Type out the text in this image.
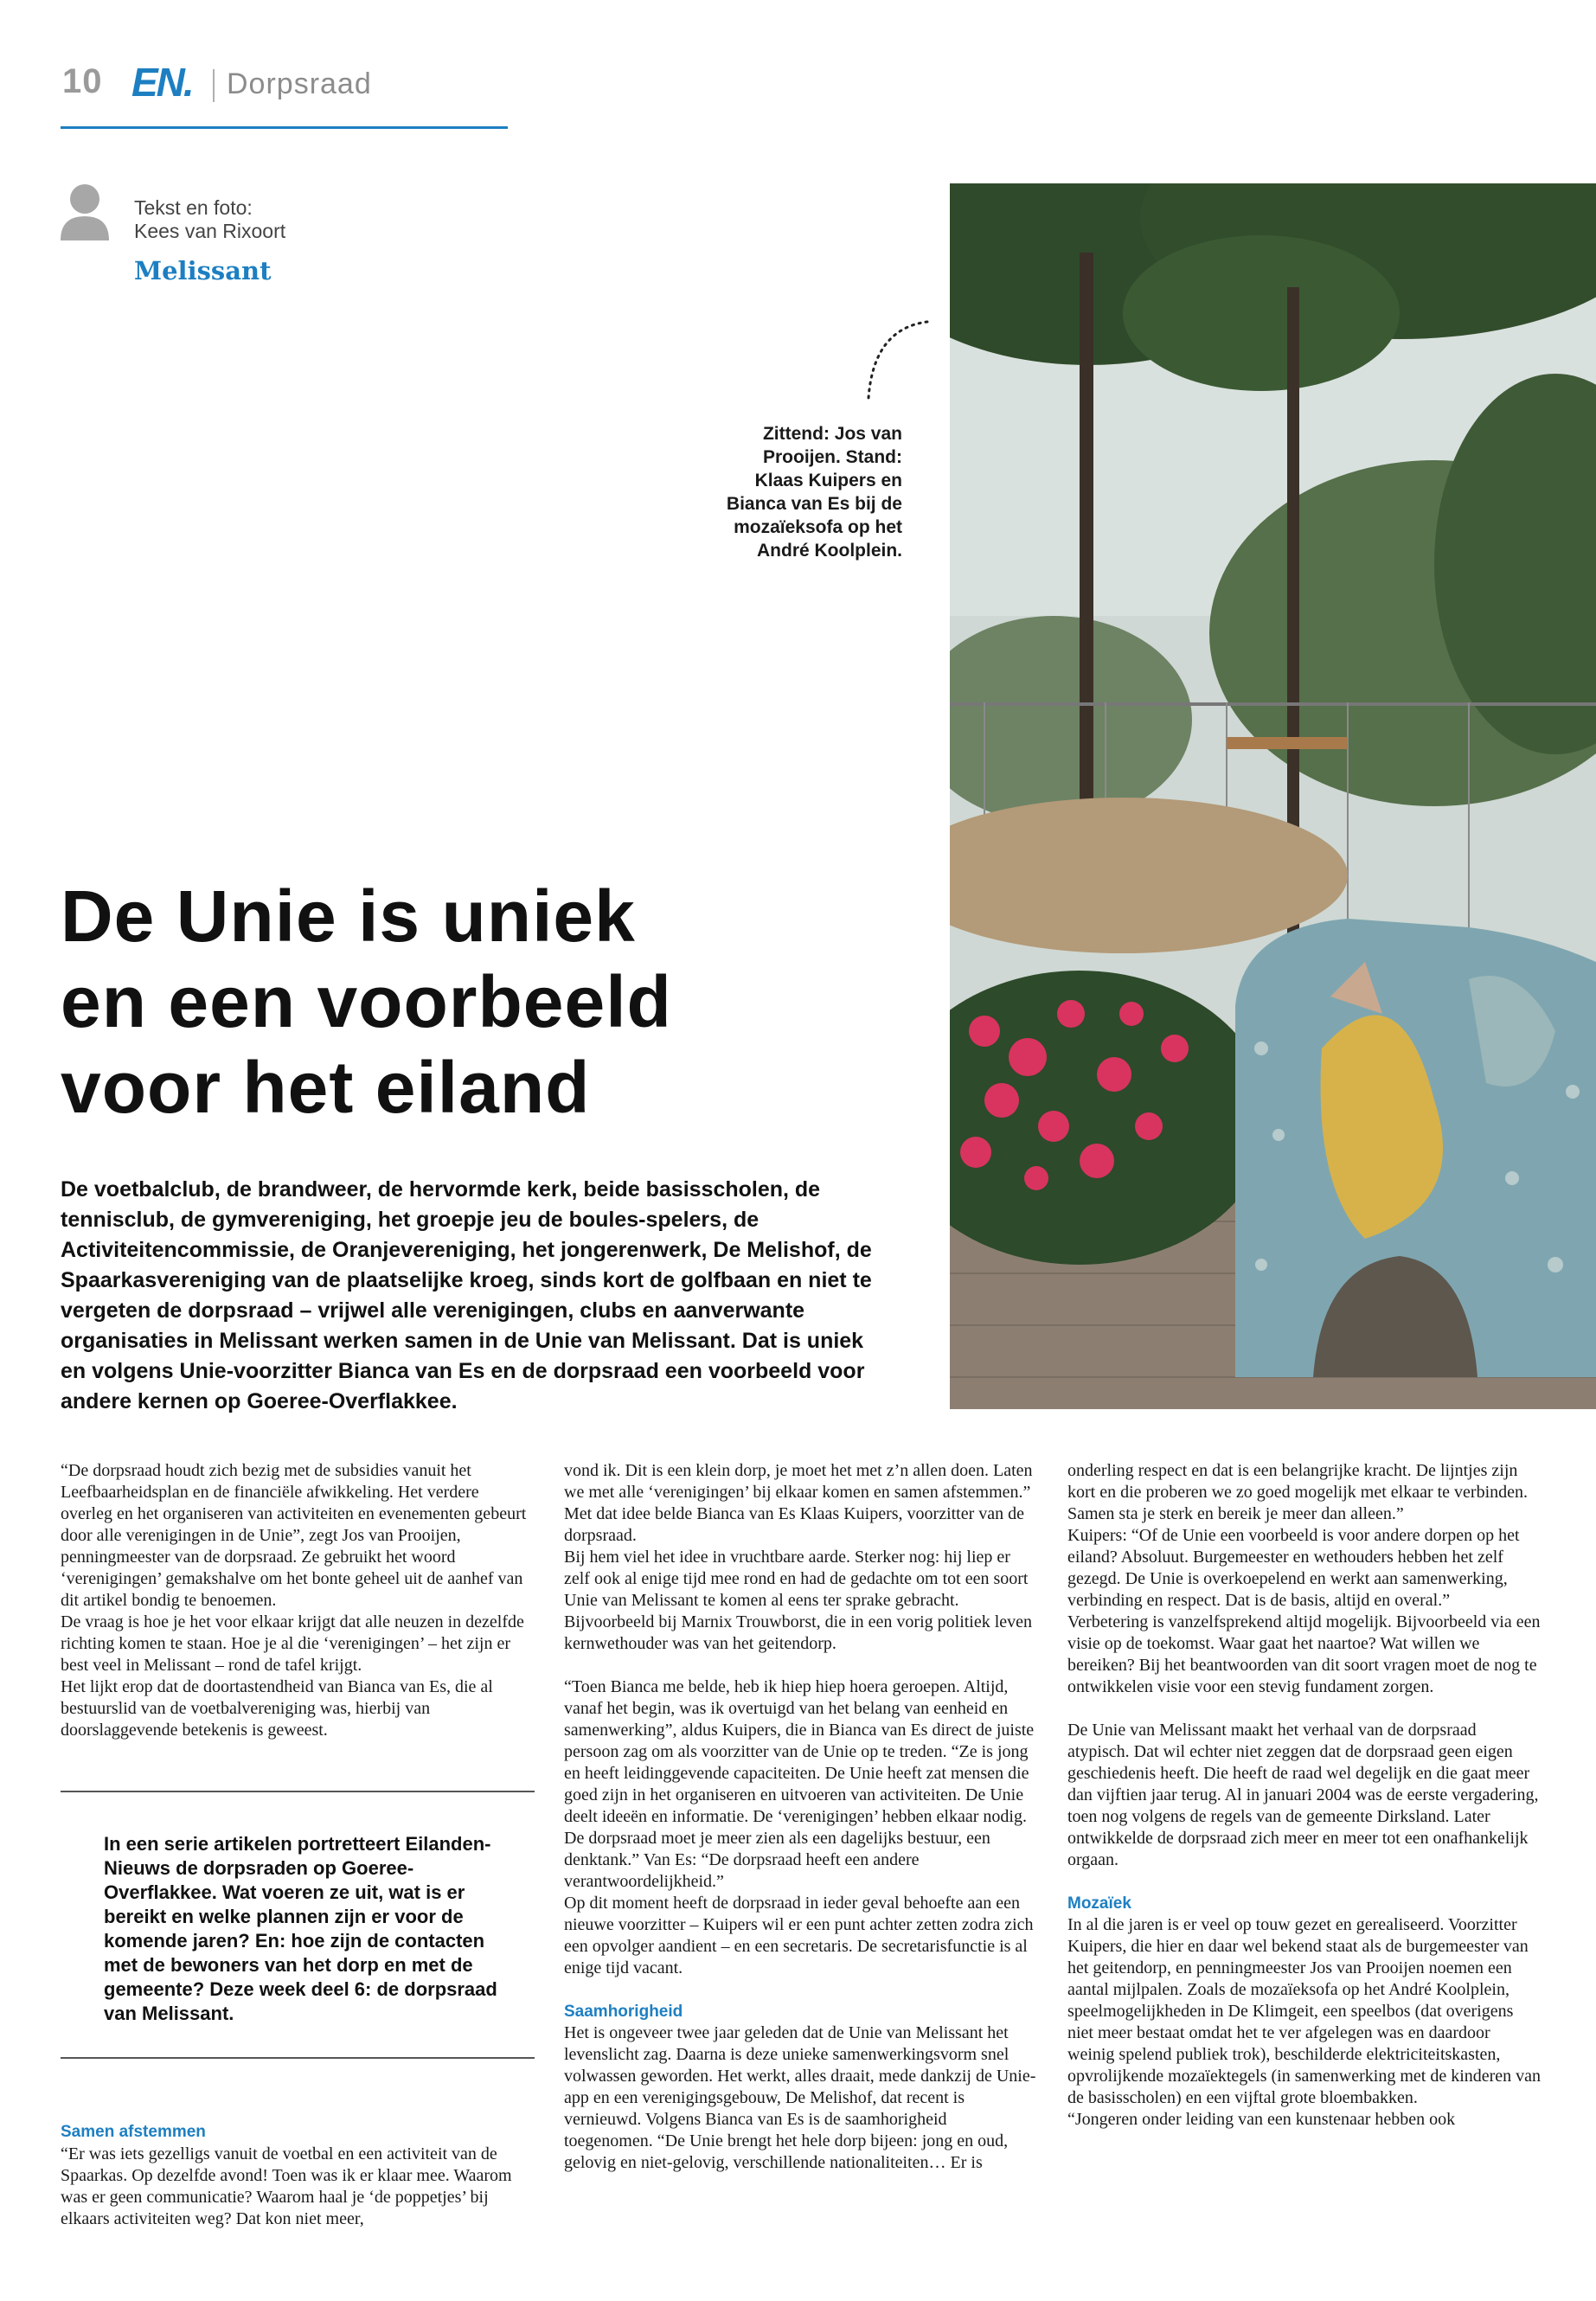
10 EN. Dorpsraad
Tekst en foto:
Kees van Rixoort
Melissant
Zittend: Jos van Prooijen. Stand: Klaas Kuipers en Bianca van Es bij de mozaïeksofa op het André Koolplein.
De Unie is uniek
en een voorbeeld
voor het eiland

De voetbalclub, de brandweer, de hervormde kerk, beide basisscholen, de tennisclub, de gymvereniging, het groepje jeu de boules-spelers, de Activiteitencommissie, de Oranjevereniging, het jongerenwerk, De Melishof, de Spaarkasvereniging van de plaatselijke kroeg, sinds kort de golfbaan en niet te vergeten de dorpsraad – vrijwel alle verenigingen, clubs en aanverwante organisaties in Melissant werken samen in de Unie van Melissant. Dat is uniek en volgens Unie-voorzitter Bianca van Es en de dorpsraad een voorbeeld voor andere kernen op Goeree-Overflakkee.

“De dorpsraad houdt zich bezig met de subsidies vanuit het Leefbaarheidsplan en de financiële afwikkeling. Het verdere overleg en het organiseren van activiteiten en evenementen gebeurt door alle verenigingen in de Unie”, zegt Jos van Prooijen, penningmeester van de dorpsraad. Ze gebruikt het woord ‘verenigingen’ gemakshalve om het bonte geheel uit de aanhef van dit artikel bondig te benoemen.

De vraag is hoe je het voor elkaar krijgt dat alle neuzen in dezelfde richting komen te staan. Hoe je al die ‘verenigingen’ – het zijn er best veel in Melissant – rond de tafel krijgt.

Het lijkt erop dat de doortastendheid van Bianca van Es, die al bestuurslid van de voetbalvereniging was, hierbij van doorslaggevende betekenis is geweest.

In een serie artikelen portretteert Eilanden-Nieuws de dorpsraden op Goeree-Overflakkee. Wat voeren ze uit, wat is er bereikt en welke plannen zijn er voor de komende jaren? En: hoe zijn de contacten met de bewoners van het dorp en met de gemeente? Deze week deel 6: de dorpsraad van Melissant.

Samen afstemmen

“Er was iets gezelligs vanuit de voetbal en een activiteit van de Spaarkas. Op dezelfde avond! Toen was ik er klaar mee. Waarom was er geen communicatie? Waarom haal je ‘de poppetjes’ bij elkaars activiteiten weg? Dat kon niet meer,

vond ik. Dit is een klein dorp, je moet het met z’n allen doen. Laten we met alle ‘verenigingen’ bij elkaar komen en samen afstemmen.” Met dat idee belde Bianca van Es Klaas Kuipers, voorzitter van de dorpsraad.

Bij hem viel het idee in vruchtbare aarde. Sterker nog: hij liep er zelf ook al enige tijd mee rond en had de gedachte om tot een soort Unie van Melissant te komen al eens ter sprake gebracht. Bijvoorbeeld bij Marnix Trouwborst, die in een vorig politiek leven kernwethouder was van het geitendorp.

“Toen Bianca me belde, heb ik hiep hiep hoera geroepen. Altijd, vanaf het begin, was ik overtuigd van het belang van eenheid en samenwerking”, aldus Kuipers, die in Bianca van Es direct de juiste persoon zag om als voorzitter van de Unie op te treden. “Ze is jong en heeft leidinggevende capaciteiten. De Unie heeft zat mensen die goed zijn in het organiseren en uitvoeren van activiteiten. De Unie deelt ideeën en informatie. De ‘verenigingen’ hebben elkaar nodig. De dorpsraad moet je meer zien als een dagelijks bestuur, een denktank.” Van Es: “De dorpsraad heeft een andere verantwoordelijkheid.”

Op dit moment heeft de dorpsraad in ieder geval behoefte aan een nieuwe voorzitter – Kuipers wil er een punt achter zetten zodra zich een opvolger aandient – en een secretaris. De secretarisfunctie is al enige tijd vacant.

Saamhorigheid

Het is ongeveer twee jaar geleden dat de Unie van Melissant het levenslicht zag. Daarna is deze unieke samenwerkingsvorm snel volwassen geworden. Het werkt, alles draait, mede dankzij de Unie-app en een verenigingsgebouw, De Melishof, dat recent is vernieuwd. Volgens Bianca van Es is de saamhorigheid toegenomen. “De Unie brengt het hele dorp bijeen: jong en oud, gelovig en niet-gelovig, verschillende nationaliteiten… Er is

onderling respect en dat is een belangrijke kracht. De lijntjes zijn kort en die proberen we zo goed mogelijk met elkaar te verbinden. Samen sta je sterk en bereik je meer dan alleen.”

Kuipers: “Of de Unie een voorbeeld is voor andere dorpen op het eiland? Absoluut. Burgemeester en wethouders hebben het zelf gezegd. De Unie is overkoepelend en werkt aan samenwerking, verbinding en respect. Dat is de basis, altijd en overal.”

Verbetering is vanzelfsprekend altijd mogelijk. Bijvoorbeeld via een visie op de toekomst. Waar gaat het naartoe? Wat willen we bereiken? Bij het beantwoorden van dit soort vragen moet de nog te ontwikkelen visie voor een stevig fundament zorgen.

De Unie van Melissant maakt het verhaal van de dorpsraad atypisch. Dat wil echter niet zeggen dat de dorpsraad geen eigen geschiedenis heeft. Die heeft de raad wel degelijk en die gaat meer dan vijftien jaar terug. Al in januari 2004 was de eerste vergadering, toen nog volgens de regels van de gemeente Dirksland. Later ontwikkelde de dorpsraad zich meer en meer tot een onafhankelijk orgaan.

Mozaïek

In al die jaren is er veel op touw gezet en gerealiseerd. Voorzitter Kuipers, die hier en daar wel bekend staat als de burgemeester van het geitendorp, en penningmeester Jos van Prooijen noemen een aantal mijlpalen. Zoals de mozaïeksofa op het André Koolplein, speelmogelijkheden in De Klimgeit, een speelbos (dat overigens niet meer bestaat omdat het te ver afgelegen was en daardoor weinig spelend publiek trok), beschilderde elektriciteitskasten, opvrolijkende mozaïektegels (in samenwerking met de kinderen van de basisscholen) en een vijftal grote bloembakken.

“Jongeren onder leiding van een kunstenaar hebben ook
